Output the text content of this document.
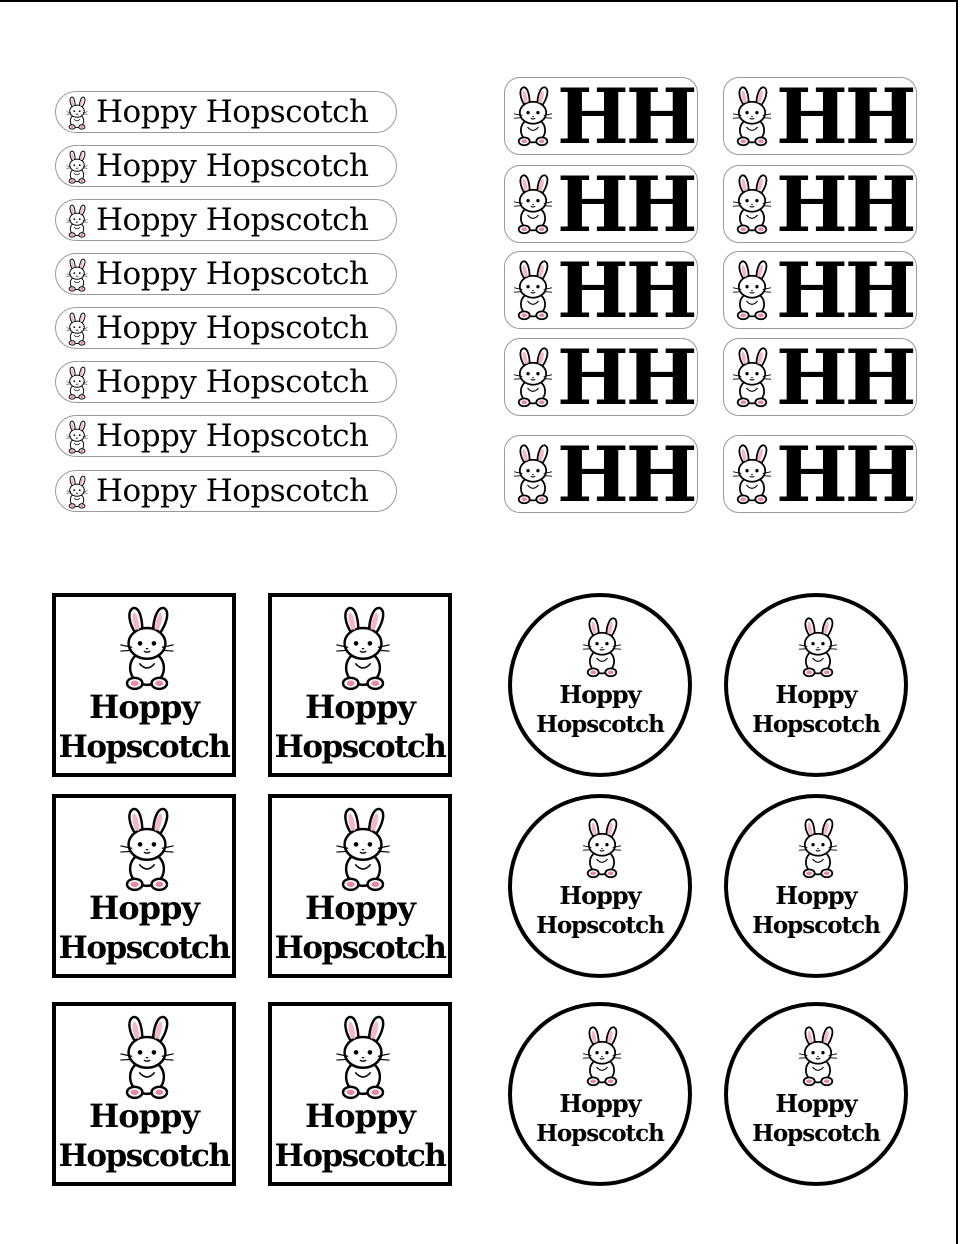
Hoppy Hopscotch
Hoppy Hopscotch
Hoppy Hopscotch
Hoppy Hopscotch
Hoppy Hopscotch
Hoppy Hopscotch
Hoppy Hopscotch
Hoppy Hopscotch
HH HH
HH HH
HH HH
HH HH
HH HH
Hoppy
Hopscotch
Hoppy
Hopscotch
Hoppy
Hopscotch
Hoppy
Hopscotch
Hoppy
Hopscotch
Hoppy
Hopscotch
Hoppy
Hopscotch
Hoppy
Hopscotch
Hoppy
Hopscotch
Hoppy
Hopscotch
Hoppy
Hopscotch
Hoppy
Hopscotch
